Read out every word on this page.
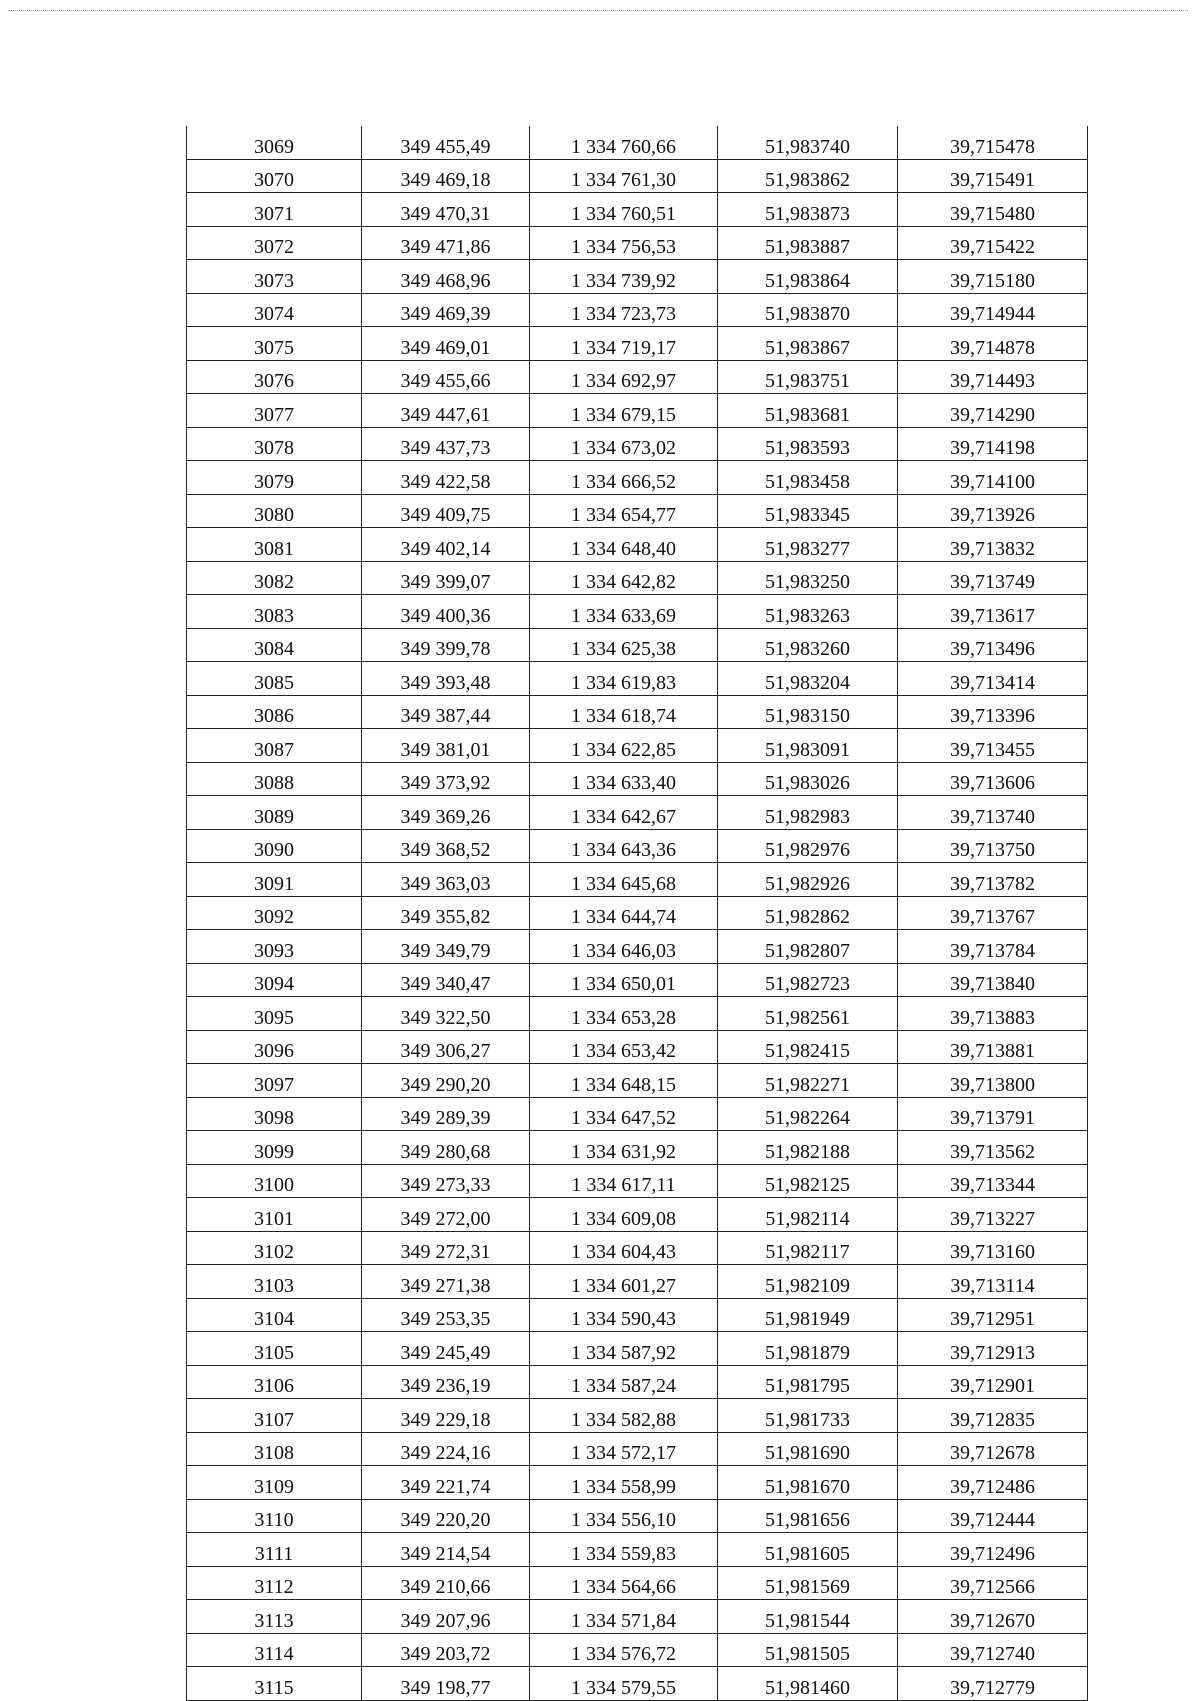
3069	349 455,49	1 334 760,66	51,983740	39,715478
3070	349 469,18	1 334 761,30	51,983862	39,715491
3071	349 470,31	1 334 760,51	51,983873	39,715480
3072	349 471,86	1 334 756,53	51,983887	39,715422
3073	349 468,96	1 334 739,92	51,983864	39,715180
3074	349 469,39	1 334 723,73	51,983870	39,714944
3075	349 469,01	1 334 719,17	51,983867	39,714878
3076	349 455,66	1 334 692,97	51,983751	39,714493
3077	349 447,61	1 334 679,15	51,983681	39,714290
3078	349 437,73	1 334 673,02	51,983593	39,714198
3079	349 422,58	1 334 666,52	51,983458	39,714100
3080	349 409,75	1 334 654,77	51,983345	39,713926
3081	349 402,14	1 334 648,40	51,983277	39,713832
3082	349 399,07	1 334 642,82	51,983250	39,713749
3083	349 400,36	1 334 633,69	51,983263	39,713617
3084	349 399,78	1 334 625,38	51,983260	39,713496
3085	349 393,48	1 334 619,83	51,983204	39,713414
3086	349 387,44	1 334 618,74	51,983150	39,713396
3087	349 381,01	1 334 622,85	51,983091	39,713455
3088	349 373,92	1 334 633,40	51,983026	39,713606
3089	349 369,26	1 334 642,67	51,982983	39,713740
3090	349 368,52	1 334 643,36	51,982976	39,713750
3091	349 363,03	1 334 645,68	51,982926	39,713782
3092	349 355,82	1 334 644,74	51,982862	39,713767
3093	349 349,79	1 334 646,03	51,982807	39,713784
3094	349 340,47	1 334 650,01	51,982723	39,713840
3095	349 322,50	1 334 653,28	51,982561	39,713883
3096	349 306,27	1 334 653,42	51,982415	39,713881
3097	349 290,20	1 334 648,15	51,982271	39,713800
3098	349 289,39	1 334 647,52	51,982264	39,713791
3099	349 280,68	1 334 631,92	51,982188	39,713562
3100	349 273,33	1 334 617,11	51,982125	39,713344
3101	349 272,00	1 334 609,08	51,982114	39,713227
3102	349 272,31	1 334 604,43	51,982117	39,713160
3103	349 271,38	1 334 601,27	51,982109	39,713114
3104	349 253,35	1 334 590,43	51,981949	39,712951
3105	349 245,49	1 334 587,92	51,981879	39,712913
3106	349 236,19	1 334 587,24	51,981795	39,712901
3107	349 229,18	1 334 582,88	51,981733	39,712835
3108	349 224,16	1 334 572,17	51,981690	39,712678
3109	349 221,74	1 334 558,99	51,981670	39,712486
3110	349 220,20	1 334 556,10	51,981656	39,712444
3111	349 214,54	1 334 559,83	51,981605	39,712496
3112	349 210,66	1 334 564,66	51,981569	39,712566
3113	349 207,96	1 334 571,84	51,981544	39,712670
3114	349 203,72	1 334 576,72	51,981505	39,712740
3115	349 198,77	1 334 579,55	51,981460	39,712779
